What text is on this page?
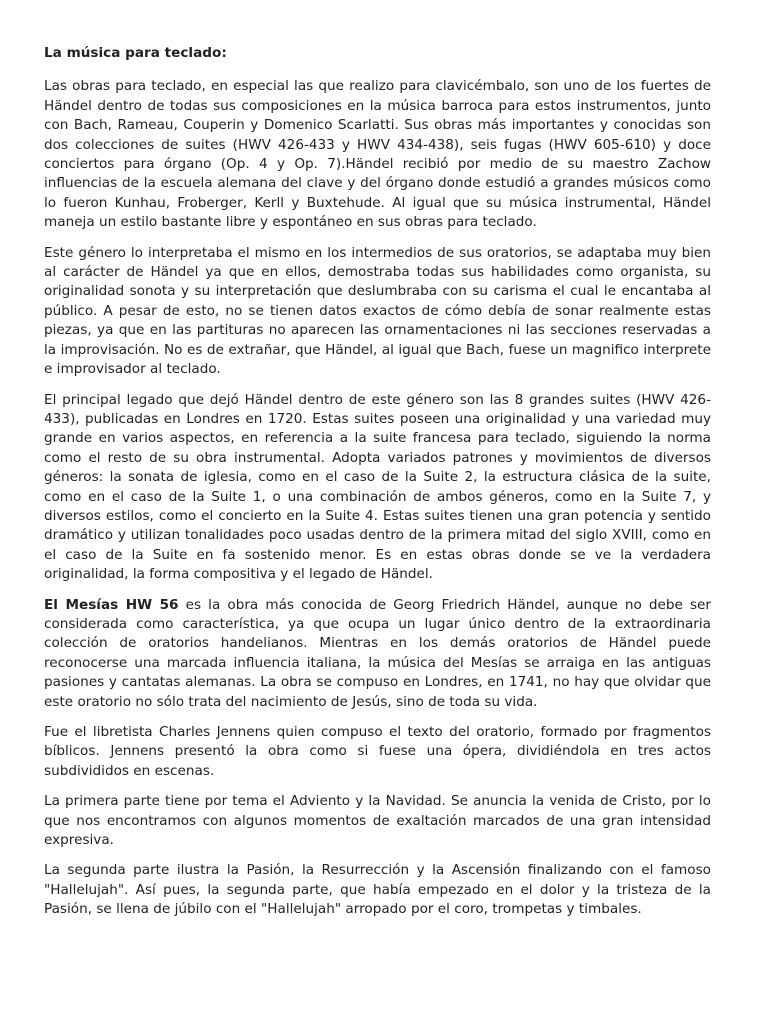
La música para teclado:

Las obras para teclado, en especial las que realizo para clavicémbalo, son uno de los fuertes de Händel dentro de todas sus composiciones en la música barroca para estos instrumentos, junto con Bach, Rameau, Couperin y Domenico Scarlatti. Sus obras más importantes y conocidas son dos colecciones de suites (HWV 426-433 y HWV 434-438), seis fugas (HWV 605-610) y doce conciertos para órgano (Op. 4 y Op. 7).Händel recibió por medio de su maestro Zachow influencias de la escuela alemana del clave y del órgano donde estudió a grandes músicos como lo fueron Kunhau, Froberger, Kerll y Buxtehude. Al igual que su música instrumental, Händel maneja un estilo bastante libre y espontáneo en sus obras para teclado.

Este género lo interpretaba el mismo en los intermedios de sus oratorios, se adaptaba muy bien al carácter de Händel ya que en ellos, demostraba todas sus habilidades como organista, su originalidad sonota y su interpretación que deslumbraba con su carisma el cual le encantaba al público. A pesar de esto, no se tienen datos exactos de cómo debía de sonar realmente estas piezas, ya que en las partituras no aparecen las ornamentaciones ni las secciones reservadas a la improvisación. No es de extrañar, que Händel, al igual que Bach, fuese un magnifico interprete e improvisador al teclado.

El principal legado que dejó Händel dentro de este género son las 8 grandes suites (HWV 426-433), publicadas en Londres en 1720. Estas suites poseen una originalidad y una variedad muy grande en varios aspectos, en referencia a la suite francesa para teclado, siguiendo la norma como el resto de su obra instrumental. Adopta variados patrones y movimientos de diversos géneros: la sonata de iglesia, como en el caso de la Suite 2, la estructura clásica de la suite, como en el caso de la Suite 1, o una combinación de ambos géneros, como en la Suite 7, y diversos estilos, como el concierto en la Suite 4. Estas suites tienen una gran potencia y sentido dramático y utilizan tonalidades poco usadas dentro de la primera mitad del siglo XVIII, como en el caso de la Suite en fa sostenido menor. Es en estas obras donde se ve la verdadera originalidad, la forma compositiva y el legado de Händel.

El Mesías HW 56 es la obra más conocida de Georg Friedrich Händel, aunque no debe ser considerada como característica, ya que ocupa un lugar único dentro de la extraordinaria colección de oratorios handelianos. Mientras en los demás oratorios de Händel puede reconocerse una marcada influencia italiana, la música del Mesías se arraiga en las antiguas pasiones y cantatas alemanas. La obra se compuso en Londres, en 1741, no hay que olvidar que este oratorio no sólo trata del nacimiento de Jesús, sino de toda su vida.

Fue el libretista Charles Jennens quien compuso el texto del oratorio, formado por fragmentos bíblicos. Jennens presentó la obra como si fuese una ópera, dividiéndola en tres actos subdivididos en escenas.

La primera parte tiene por tema el Adviento y la Navidad. Se anuncia la venida de Cristo, por lo que nos encontramos con algunos momentos de exaltación marcados de una gran intensidad expresiva.

La segunda parte ilustra la Pasión, la Resurrección y la Ascensión finalizando con el famoso "Hallelujah". Así pues, la segunda parte, que había empezado en el dolor y la tristeza de la Pasión, se llena de júbilo con el "Hallelujah" arropado por el coro, trompetas y timbales.
